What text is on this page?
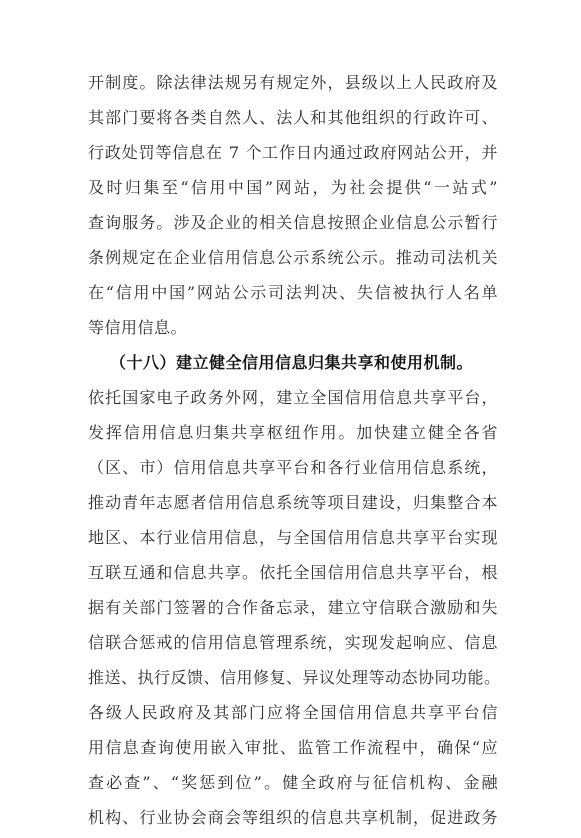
开制度。除法律法规另有规定外，县级以上人民政府及
其部门要将各类自然人、法人和其他组织的行政许可、
行政处罚等信息在 7 个工作日内通过政府网站公开，并
及时归集至“信用中国”网站，为社会提供“一站式”
查询服务。涉及企业的相关信息按照企业信息公示暂行
条例规定在企业信用信息公示系统公示。推动司法机关
在“信用中国”网站公示司法判决、失信被执行人名单
等信用信息。
（十八）建立健全信用信息归集共享和使用机制。
依托国家电子政务外网，建立全国信用信息共享平台，
发挥信用信息归集共享枢纽作用。加快建立健全各省
（区、市）信用信息共享平台和各行业信用信息系统，
推动青年志愿者信用信息系统等项目建设，归集整合本
地区、本行业信用信息，与全国信用信息共享平台实现
互联互通和信息共享。依托全国信用信息共享平台，根
据有关部门签署的合作备忘录，建立守信联合激励和失
信联合惩戒的信用信息管理系统，实现发起响应、信息
推送、执行反馈、信用修复、异议处理等动态协同功能。
各级人民政府及其部门应将全国信用信息共享平台信
用信息查询使用嵌入审批、监管工作流程中，确保“应
查必查”、“奖惩到位”。健全政府与征信机构、金融
机构、行业协会商会等组织的信息共享机制，促进政务
